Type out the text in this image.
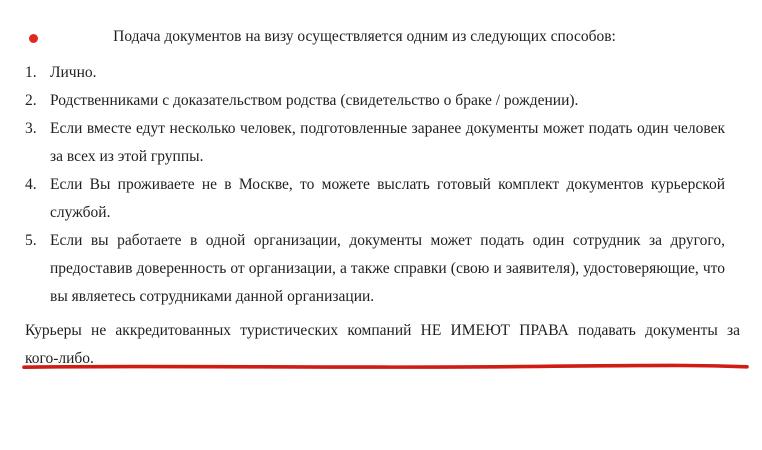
Подача документов на визу осуществляется одним из следующих способов:
1. Лично.
2. Родственниками с доказательством родства (свидетельство о браке / рождении).
3. Если вместе едут несколько человек, подготовленные заранее документы может подать один человек
за всех из этой группы.
4. Если Вы проживаете не в Москве, то можете выслать готовый комплект документов курьерской
службой.
5. Если вы работаете в одной организации, документы может подать один сотрудник за другого,
предоставив доверенность от организации, а также справки (свою и заявителя), удостоверяющие, что
вы являетесь сотрудниками данной организации.
Курьеры не аккредитованных туристических компаний НЕ ИМЕЮТ ПРАВА подавать документы за
кого-либо.
